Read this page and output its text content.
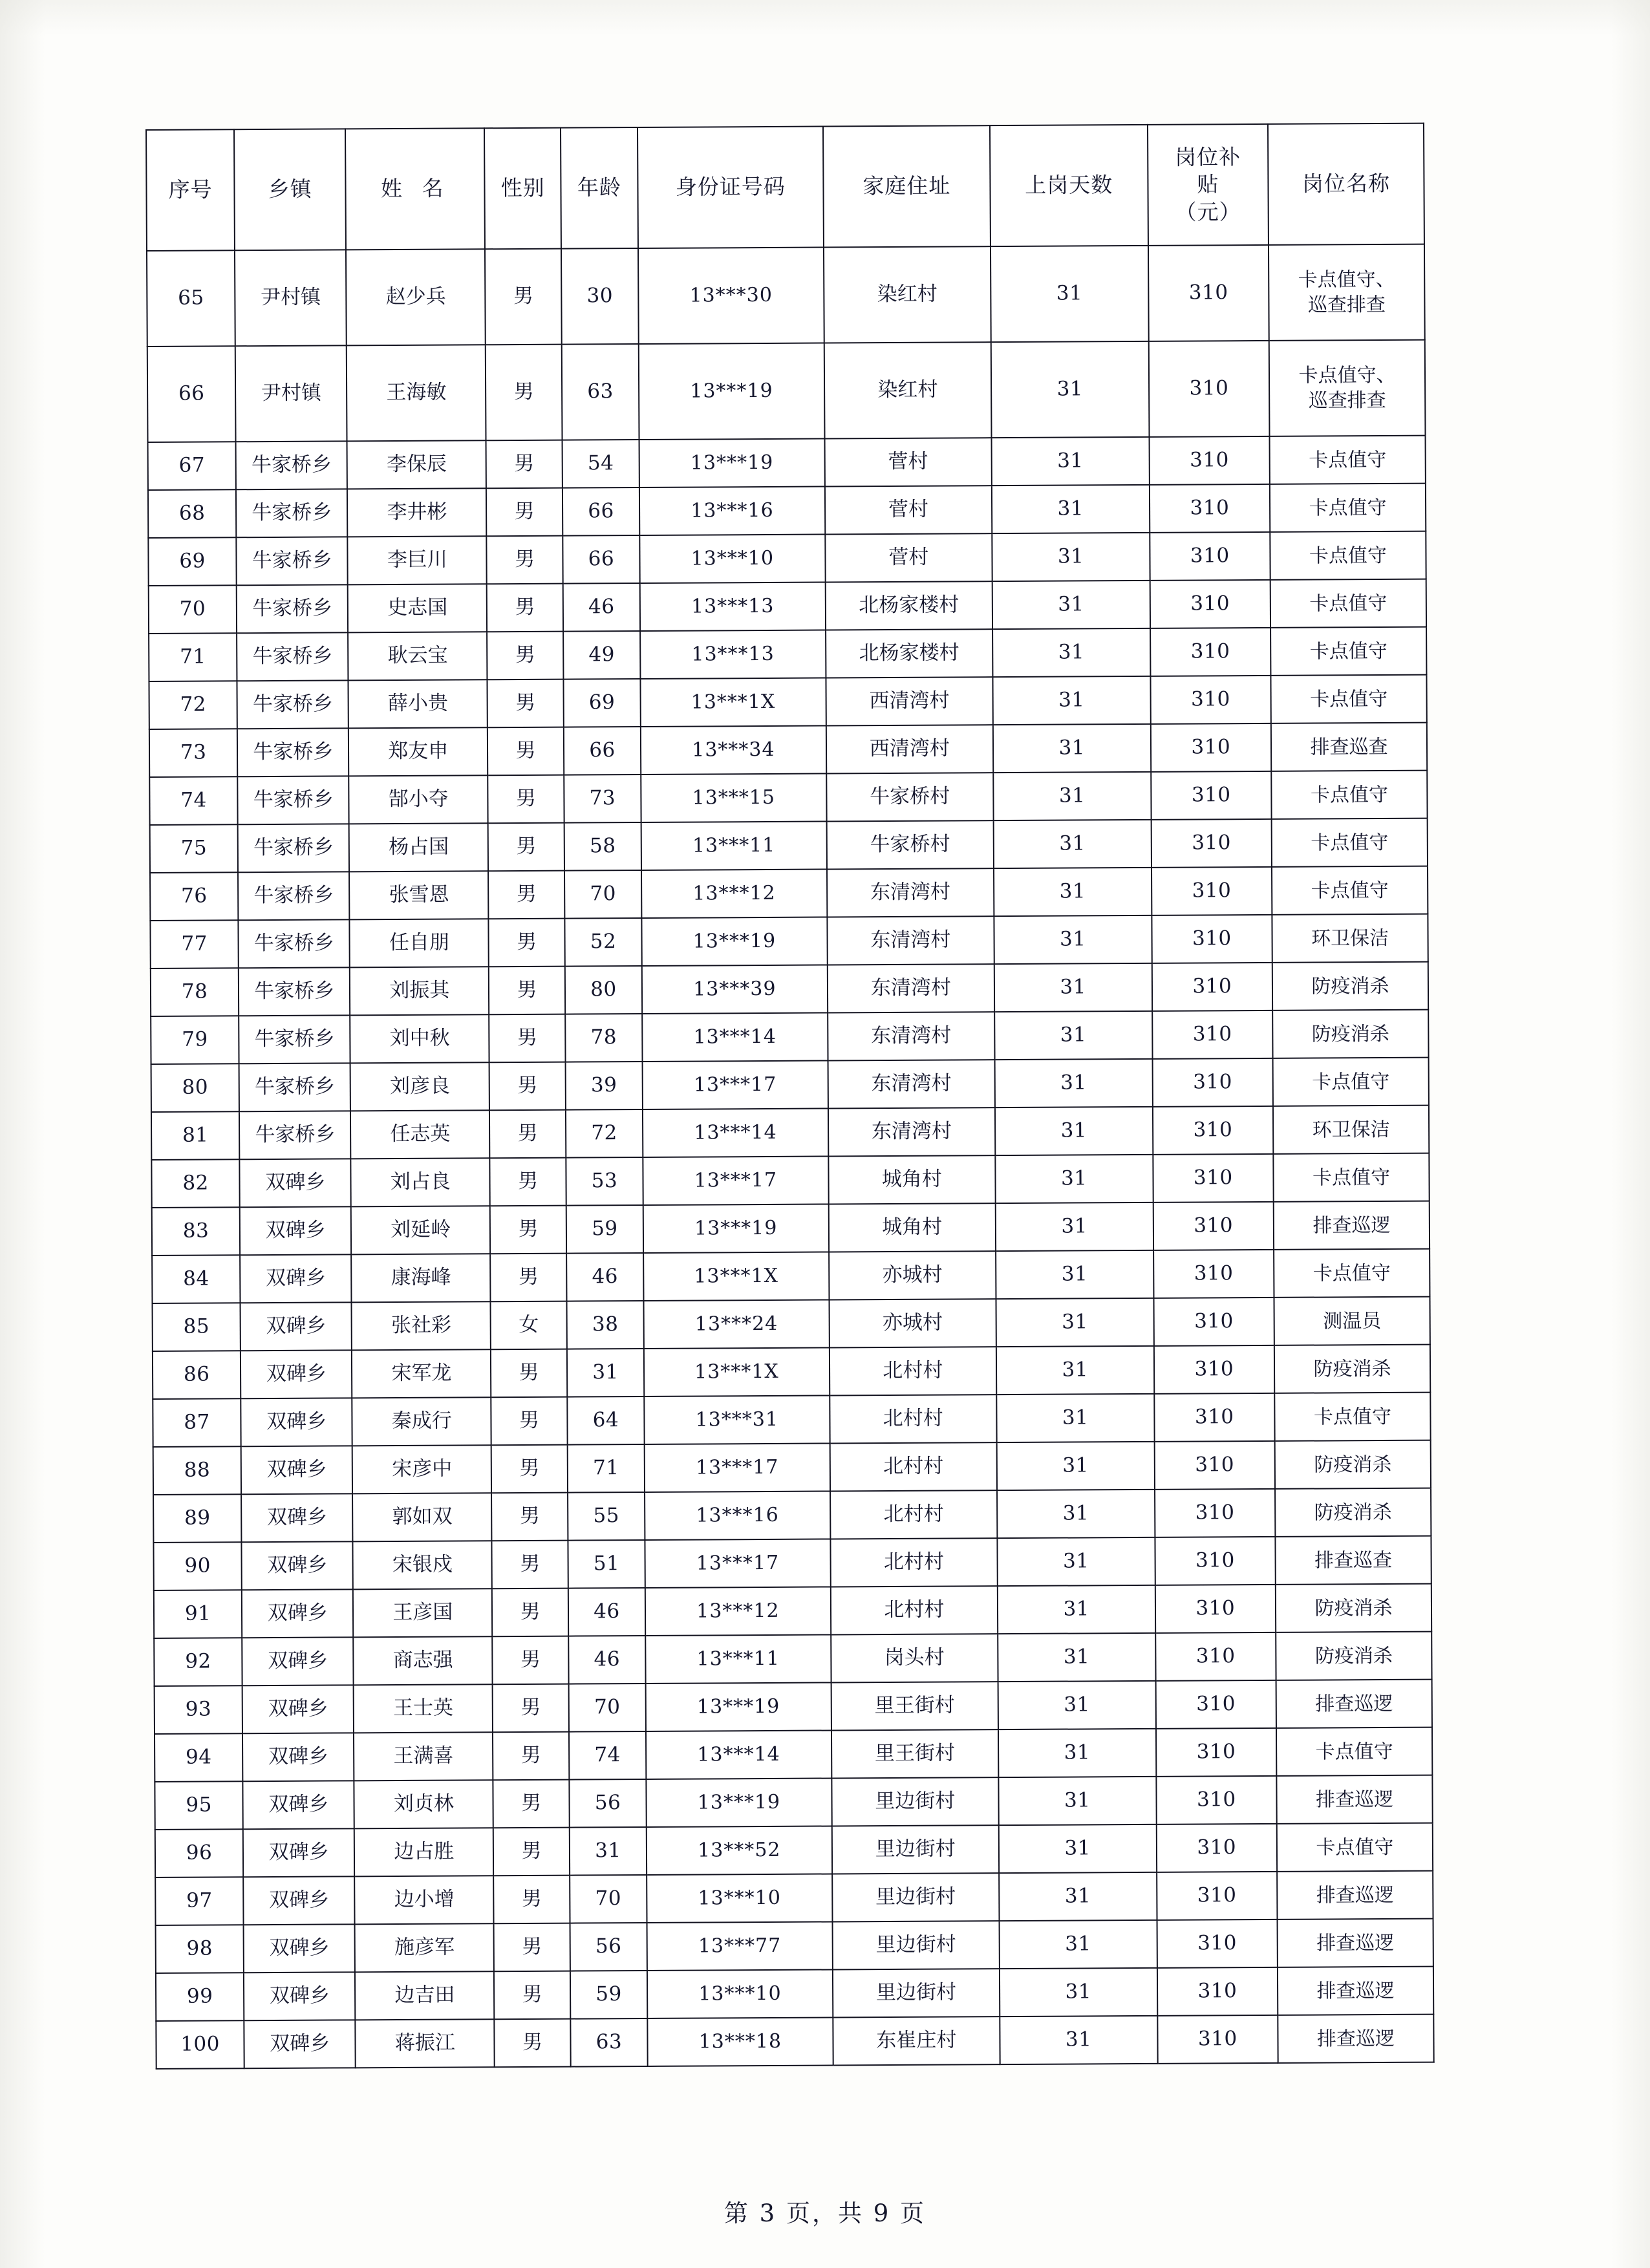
序号	乡镇	姓 名	性别	年龄	身份证号码	家庭住址	上岗天数	岗位补
贴
（元）	岗位名称
65	尹村镇	赵少兵	男	30	13***30	染红村	31	310	卡点值守、
巡查排查

66	尹村镇	王海敏	男	63	13***19	染红村	31	310	卡点值守、
巡查排查

67	牛家桥乡	李保辰	男	54	13***19	菅村	31	310	卡点值守

68	牛家桥乡	李井彬	男	66	13***16	菅村	31	310	卡点值守

69	牛家桥乡	李巨川	男	66	13***10	菅村	31	310	卡点值守

70	牛家桥乡	史志国	男	46	13***13	北杨家楼村	31	310	卡点值守

71	牛家桥乡	耿云宝	男	49	13***13	北杨家楼村	31	310	卡点值守

72	牛家桥乡	薛小贵	男	69	13***1X	西清湾村	31	310	卡点值守

73	牛家桥乡	郑友申	男	66	13***34	西清湾村	31	310	排查巡查

74	牛家桥乡	郜小夺	男	73	13***15	牛家桥村	31	310	卡点值守

75	牛家桥乡	杨占国	男	58	13***11	牛家桥村	31	310	卡点值守

76	牛家桥乡	张雪恩	男	70	13***12	东清湾村	31	310	卡点值守

77	牛家桥乡	任自朋	男	52	13***19	东清湾村	31	310	环卫保洁

78	牛家桥乡	刘振其	男	80	13***39	东清湾村	31	310	防疫消杀

79	牛家桥乡	刘中秋	男	78	13***14	东清湾村	31	310	防疫消杀

80	牛家桥乡	刘彦良	男	39	13***17	东清湾村	31	310	卡点值守

81	牛家桥乡	任志英	男	72	13***14	东清湾村	31	310	环卫保洁

82	双碑乡	刘占良	男	53	13***17	城角村	31	310	卡点值守

83	双碑乡	刘延岭	男	59	13***19	城角村	31	310	排查巡逻

84	双碑乡	康海峰	男	46	13***1X	亦城村	31	310	卡点值守

85	双碑乡	张社彩	女	38	13***24	亦城村	31	310	测温员

86	双碑乡	宋军龙	男	31	13***1X	北村村	31	310	防疫消杀

87	双碑乡	秦成行	男	64	13***31	北村村	31	310	卡点值守

88	双碑乡	宋彦中	男	71	13***17	北村村	31	310	防疫消杀

89	双碑乡	郭如双	男	55	13***16	北村村	31	310	防疫消杀

90	双碑乡	宋银戍	男	51	13***17	北村村	31	310	排查巡查

91	双碑乡	王彦国	男	46	13***12	北村村	31	310	防疫消杀

92	双碑乡	商志强	男	46	13***11	岗头村	31	310	防疫消杀

93	双碑乡	王士英	男	70	13***19	里王街村	31	310	排查巡逻

94	双碑乡	王满喜	男	74	13***14	里王街村	31	310	卡点值守

95	双碑乡	刘贞林	男	56	13***19	里边街村	31	310	排查巡逻

96	双碑乡	边占胜	男	31	13***52	里边街村	31	310	卡点值守

97	双碑乡	边小增	男	70	13***10	里边街村	31	310	排查巡逻

98	双碑乡	施彦军	男	56	13***77	里边街村	31	310	排查巡逻

99	双碑乡	边吉田	男	59	13***10	里边街村	31	310	排查巡逻

100	双碑乡	蒋振江	男	63	13***18	东崔庄村	31	310	排查巡逻
第 3 页，共 9 页
